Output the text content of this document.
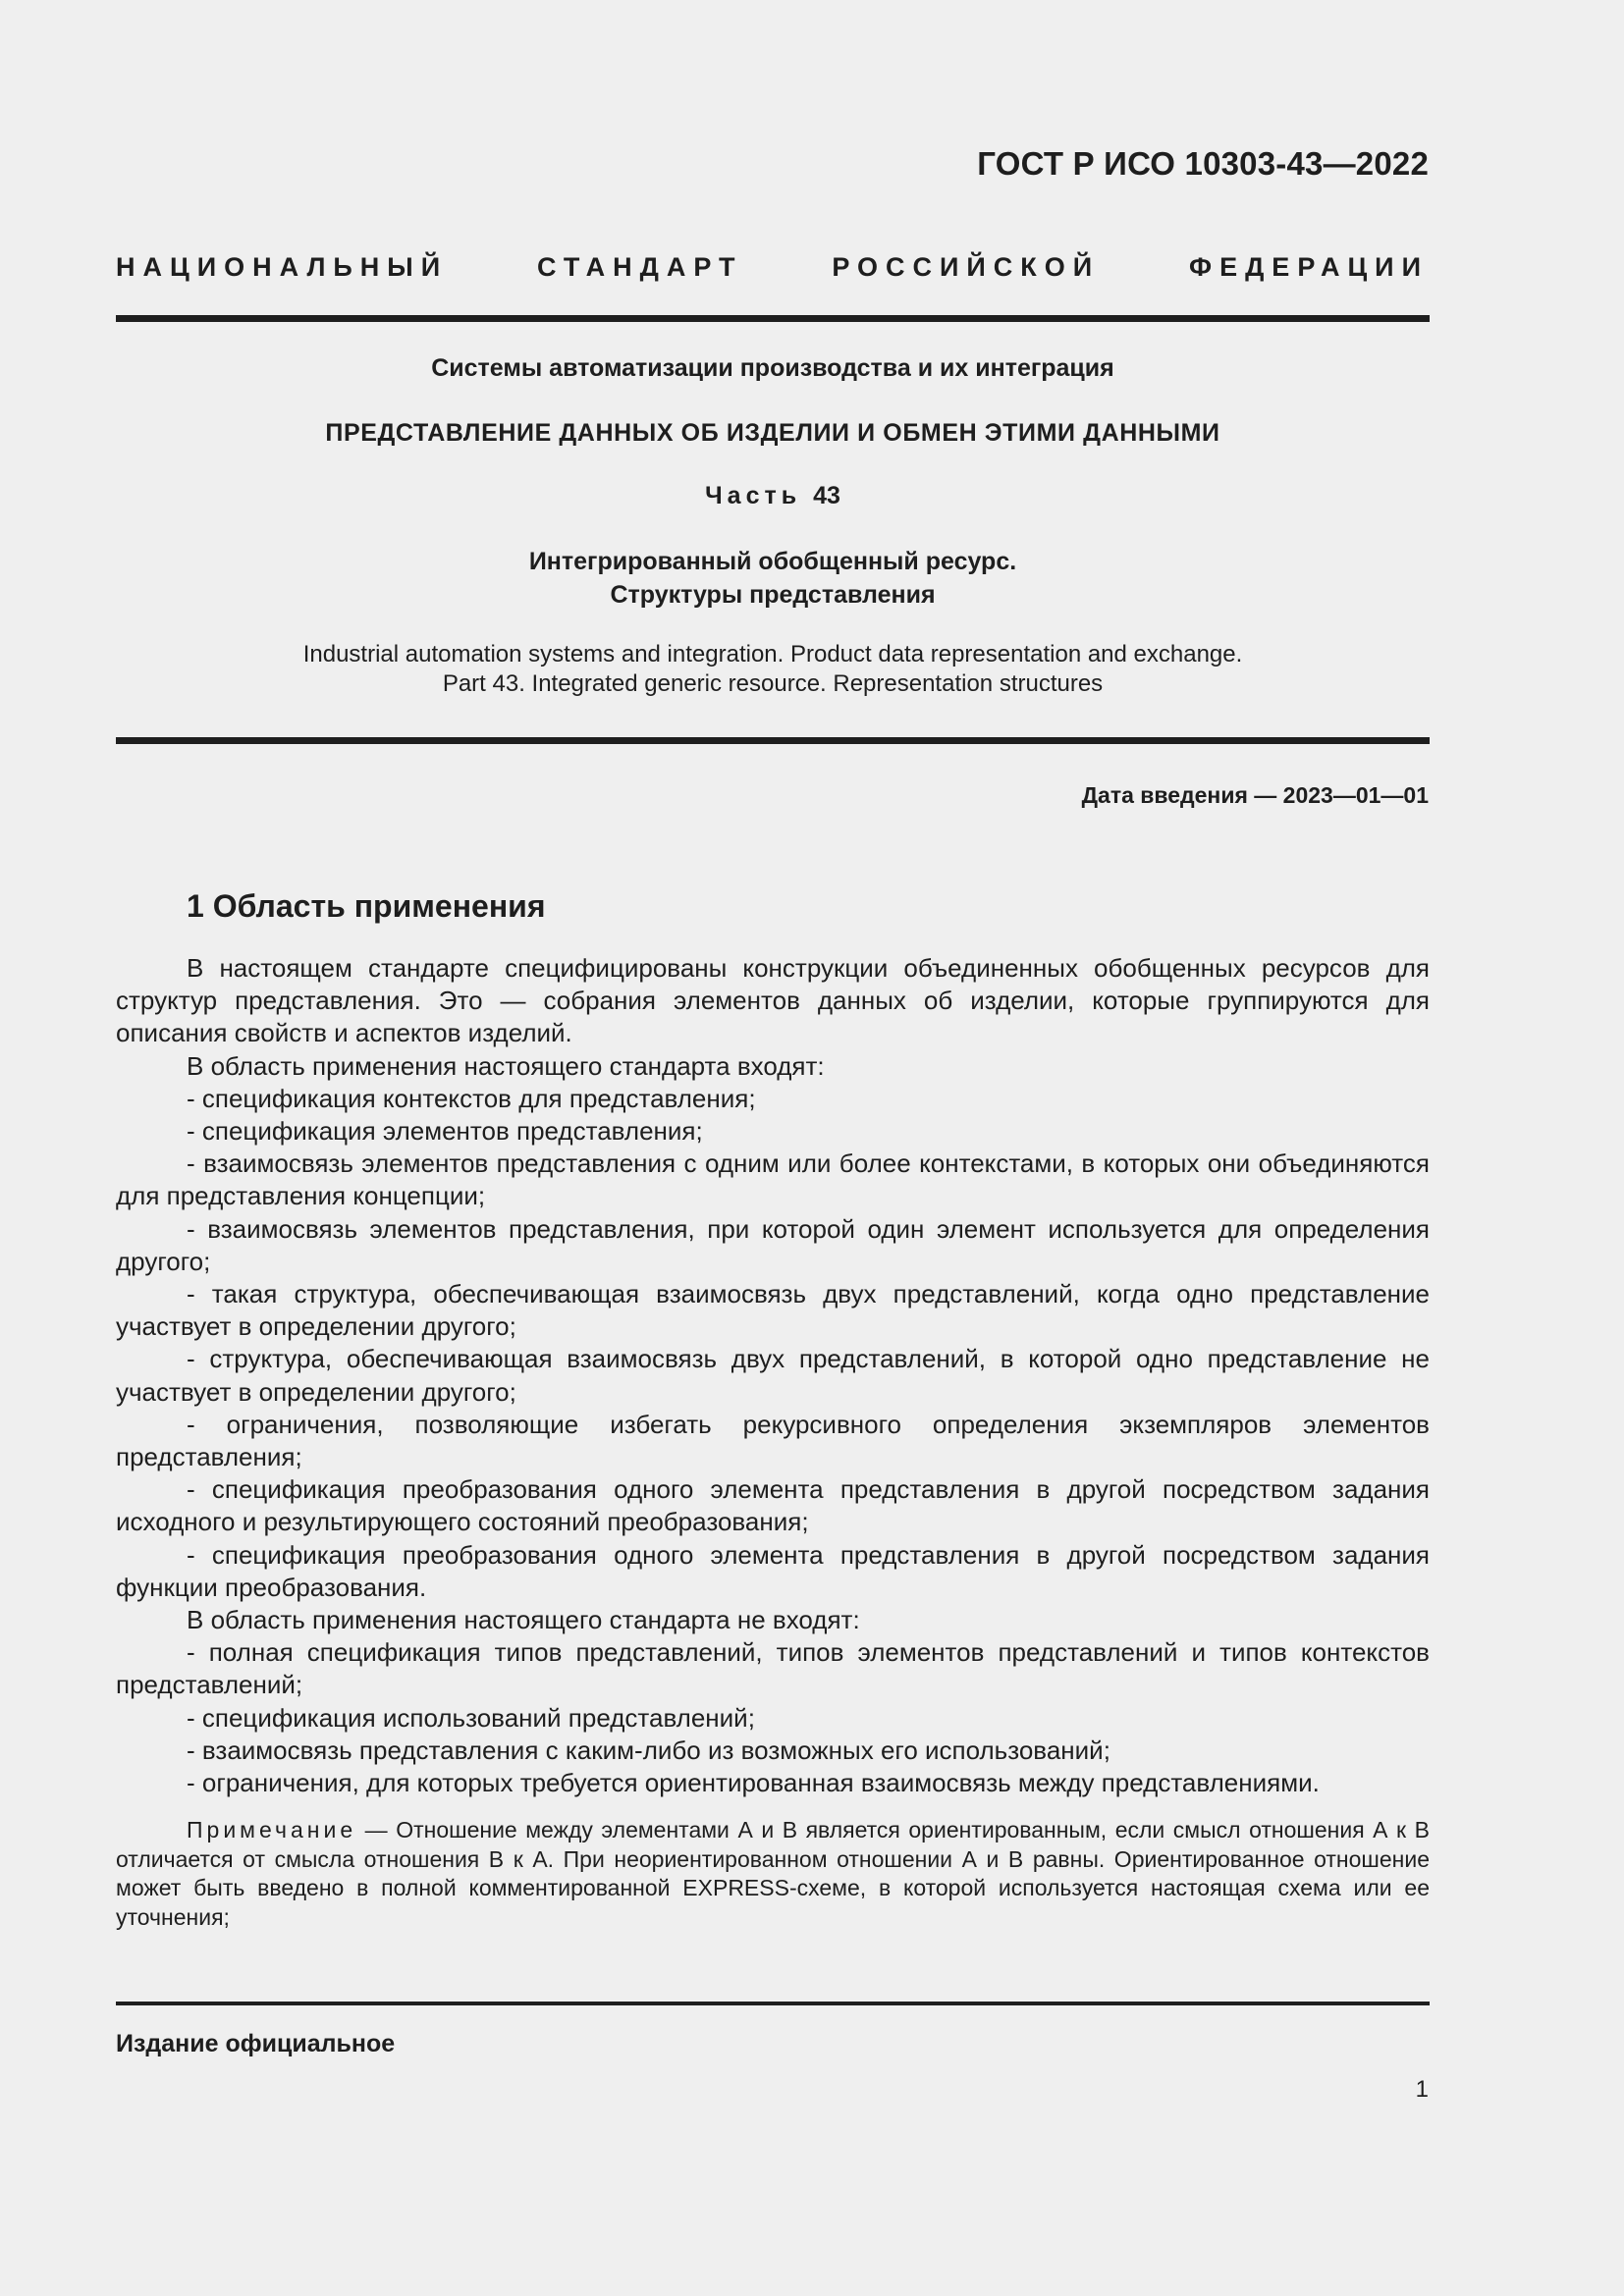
ГОСТ Р ИСО 10303-43—2022
НАЦИОНАЛЬНЫЙ СТАНДАРТ РОССИЙСКОЙ ФЕДЕРАЦИИ
Системы автоматизации производства и их интеграция
ПРЕДСТАВЛЕНИЕ ДАННЫХ ОБ ИЗДЕЛИИ И ОБМЕН ЭТИМИ ДАННЫМИ
Часть 43
Интегрированный обобщенный ресурс.
Структуры представления
Industrial automation systems and integration. Product data representation and exchange.
Part 43. Integrated generic resource. Representation structures
Дата введения — 2023—01—01
1 Область применения

В настоящем стандарте специфицированы конструкции объединенных обобщенных ресурсов для структур представления. Это — собрания элементов данных об изделии, которые группируются для описания свойств и аспектов изделий.

В область применения настоящего стандарта входят:

- спецификация контекстов для представления;

- спецификация элементов представления;

- взаимосвязь элементов представления с одним или более контекстами, в которых они объединяются для представления концепции;

- взаимосвязь элементов представления, при которой один элемент используется для определения другого;

- такая структура, обеспечивающая взаимосвязь двух представлений, когда одно представление участвует в определении другого;

- структура, обеспечивающая взаимосвязь двух представлений, в которой одно представление не участвует в определении другого;

- ограничения, позволяющие избегать рекурсивного определения экземпляров элементов представления;

- спецификация преобразования одного элемента представления в другой посредством задания исходного и результирующего состояний преобразования;

- спецификация преобразования одного элемента представления в другой посредством задания функции преобразования.

В область применения настоящего стандарта не входят:

- полная спецификация типов представлений, типов элементов представлений и типов контекстов представлений;

- спецификация использований представлений;

- взаимосвязь представления с каким-либо из возможных его использований;

- ограничения, для которых требуется ориентированная взаимосвязь между представлениями.

Примечание — Отношение между элементами А и В является ориентированным, если смысл отношения А к В отличается от смысла отношения В к А. При неориентированном отношении А и В равны. Ориентированное отношение может быть введено в полной комментированной EXPRESS-схеме, в которой используется настоящая схема или ее уточнения;
Издание официальное
1
